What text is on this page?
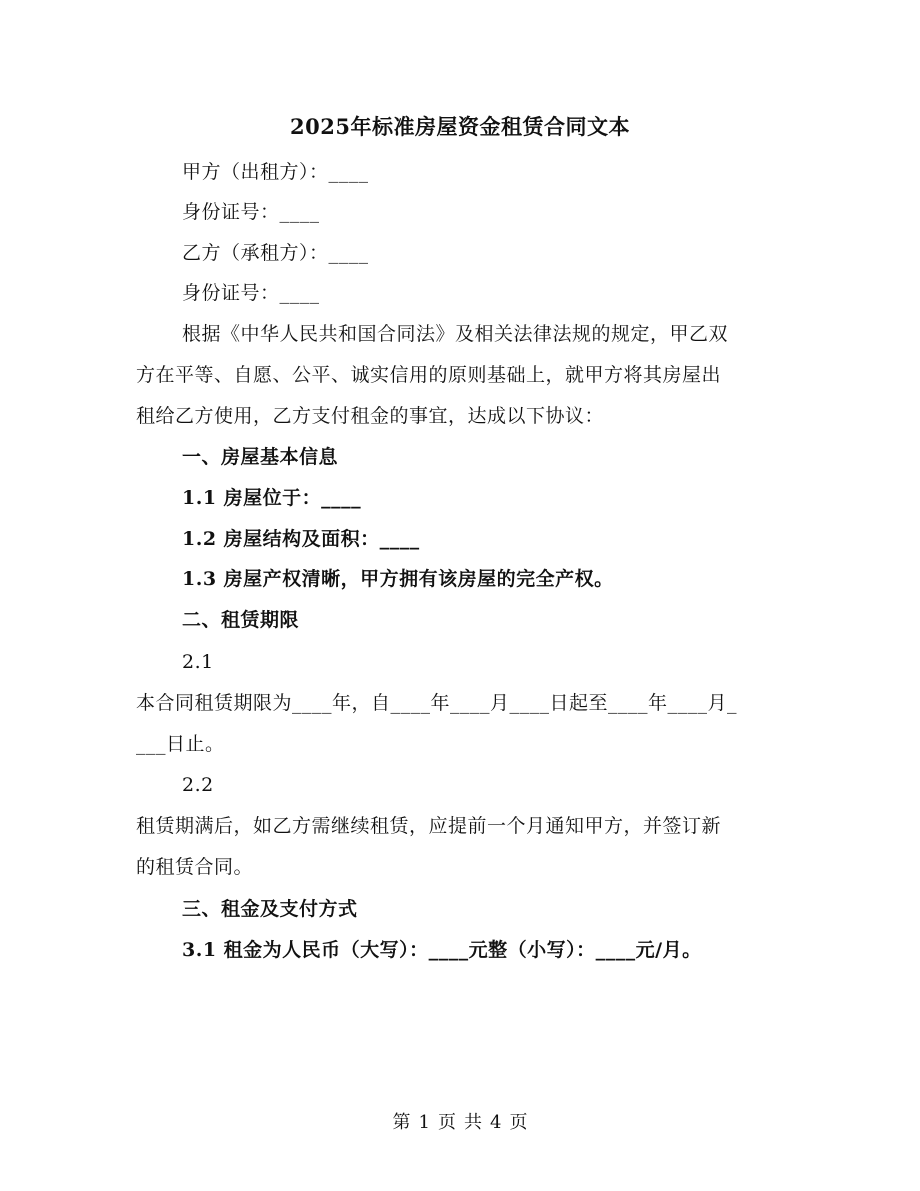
2025年标准房屋资金租赁合同文本
甲方（出租方）：____
身份证号：____
乙方（承租方）：____
身份证号：____
根据《中华人民共和国合同法》及相关法律法规的规定，甲乙双
方在平等、自愿、公平、诚实信用的原则基础上，就甲方将其房屋出
租给乙方使用，乙方支付租金的事宜，达成以下协议：
一、房屋基本信息
1.1 房屋位于：____
1.2 房屋结构及面积：____
1.3 房屋产权清晰，甲方拥有该房屋的完全产权。
二、租赁期限
2.1
本合同租赁期限为____年，自____年____月____日起至____年____月_
___日止。
2.2
租赁期满后，如乙方需继续租赁，应提前一个月通知甲方，并签订新
的租赁合同。
三、租金及支付方式
3.1 租金为人民币（大写）：____元整（小写）：____元/月。
第 1 页 共 4 页
